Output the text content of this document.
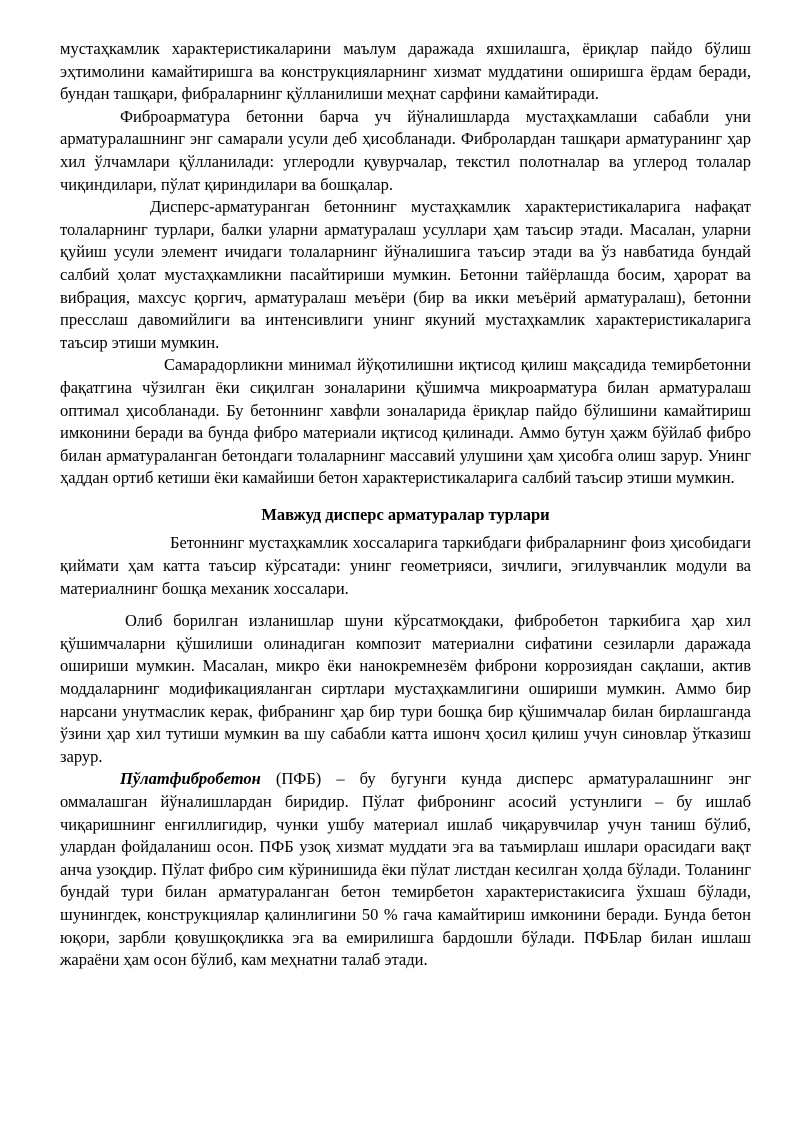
мустаҳкамлик характеристикаларини маълум даражада яхшилашга, ёриқлар пайдо бўлиш эҳтимолини камайтиришга ва конструкцияларнинг хизмат муддатини оширишга ёрдам беради, бундан ташқари, фибраларнинг қўлланилиши меҳнат сарфини камайтиради.

Фиброарматура бетонни барча уч йўналишларда мустаҳкамлаши сабабли уни арматуралашнинг энг самарали усули деб ҳисобланади. Фибролардан ташқари арматуранинг ҳар хил ўлчамлари қўлланилади: углеродли қувурчалар, текстил полотналар ва углерод толалар чиқиндилари, пўлат қириндилари ва бошқалар.

Дисперс-арматуранган бетоннинг мустаҳкамлик характеристикаларига нафақат толаларнинг турлари, балки уларни арматуралаш усуллари ҳам таъсир этади. Масалан, уларни қуйиш усули элемент ичидаги толаларнинг йўналишига таъсир этади ва ўз навбатида бундай салбий ҳолат мустаҳкамликни пасайтириши мумкин. Бетонни тайёрлашда босим, ҳарорат ва вибрация, махсус қоргич, арматуралаш меъёри (бир ва икки меъёрий арматуралаш), бетонни пресслаш давомийлиги ва интенсивлиги унинг якуний мустаҳкамлик характеристикаларига таъсир этиши мумкин.

Самарадорликни минимал йўқотилишни иқтисод қилиш мақсадида темирбетонни фақатгина чўзилган ёки сиқилган зоналарини қўшимча микроарматура билан арматуралаш оптимал ҳисобланади. Бу бетоннинг хавфли зоналарида ёриқлар пайдо бўлишини камайтириш имконини беради ва бунда фибро материали иқтисод қилинади. Аммо бутун ҳажм бўйлаб фибро билан арматураланган бетондаги толаларнинг массавий улушини ҳам ҳисобга олиш зарур. Унинг ҳаддан ортиб кетиши ёки камайиши бетон характеристикаларига салбий таъсир этиши мумкин.

Мавжуд дисперс арматуралар турлари

Бетоннинг мустаҳкамлик хоссаларига таркибдаги фибраларнинг фоиз ҳисобидаги қиймати ҳам катта таъсир кўрсатади: унинг геометрияси, зичлиги, эгилувчанлик модули ва материалнинг бошқа механик хоссалари.

Олиб борилган изланишлар шуни кўрсатмоқдаки, фибробетон таркибига ҳар хил қўшимчаларни қўшилиши олинадиган композит материални сифатини сезиларли даражада ошириши мумкин. Масалан, микро ёки нанокремнезём фиброни коррозиядан сақлаши, актив моддаларнинг модификацияланган сиртлари мустаҳкамлигини ошириши мумкин. Аммо бир нарсани унутмаслик керак, фибранинг ҳар бир тури бошқа бир қўшимчалар билан бирлашганда ўзини ҳар хил тутиши мумкин ва шу сабабли катта ишонч ҳосил қилиш учун синовлар ўтказиш зарур.

Пўлатфибробетон (ПФБ) – бу бугунги кунда дисперс арматуралашнинг энг оммалашган йўналишлардан биридир. Пўлат фибронинг асосий устунлиги – бу ишлаб чиқаришнинг енгиллигидир, чунки ушбу материал ишлаб чиқарувчилар учун таниш бўлиб, улардан фойдаланиш осон. ПФБ узоқ хизмат муддати эга ва таъмирлаш ишлари орасидаги вақт анча узоқдир. Пўлат фибро сим кўринишида ёки пўлат листдан кесилган ҳолда бўлади. Толанинг бундай тури билан арматураланган бетон темирбетон характеристакисига ўхшаш бўлади, шунингдек, конструкциялар қалинлигини 50 % гача камайтириш имконини беради. Бунда бетон юқори, зарбли қовушқоқликка эга ва емирилишга бардошли бўлади. ПФБлар билан ишлаш жараёни ҳам осон бўлиб, кам меҳнатни талаб этади.
